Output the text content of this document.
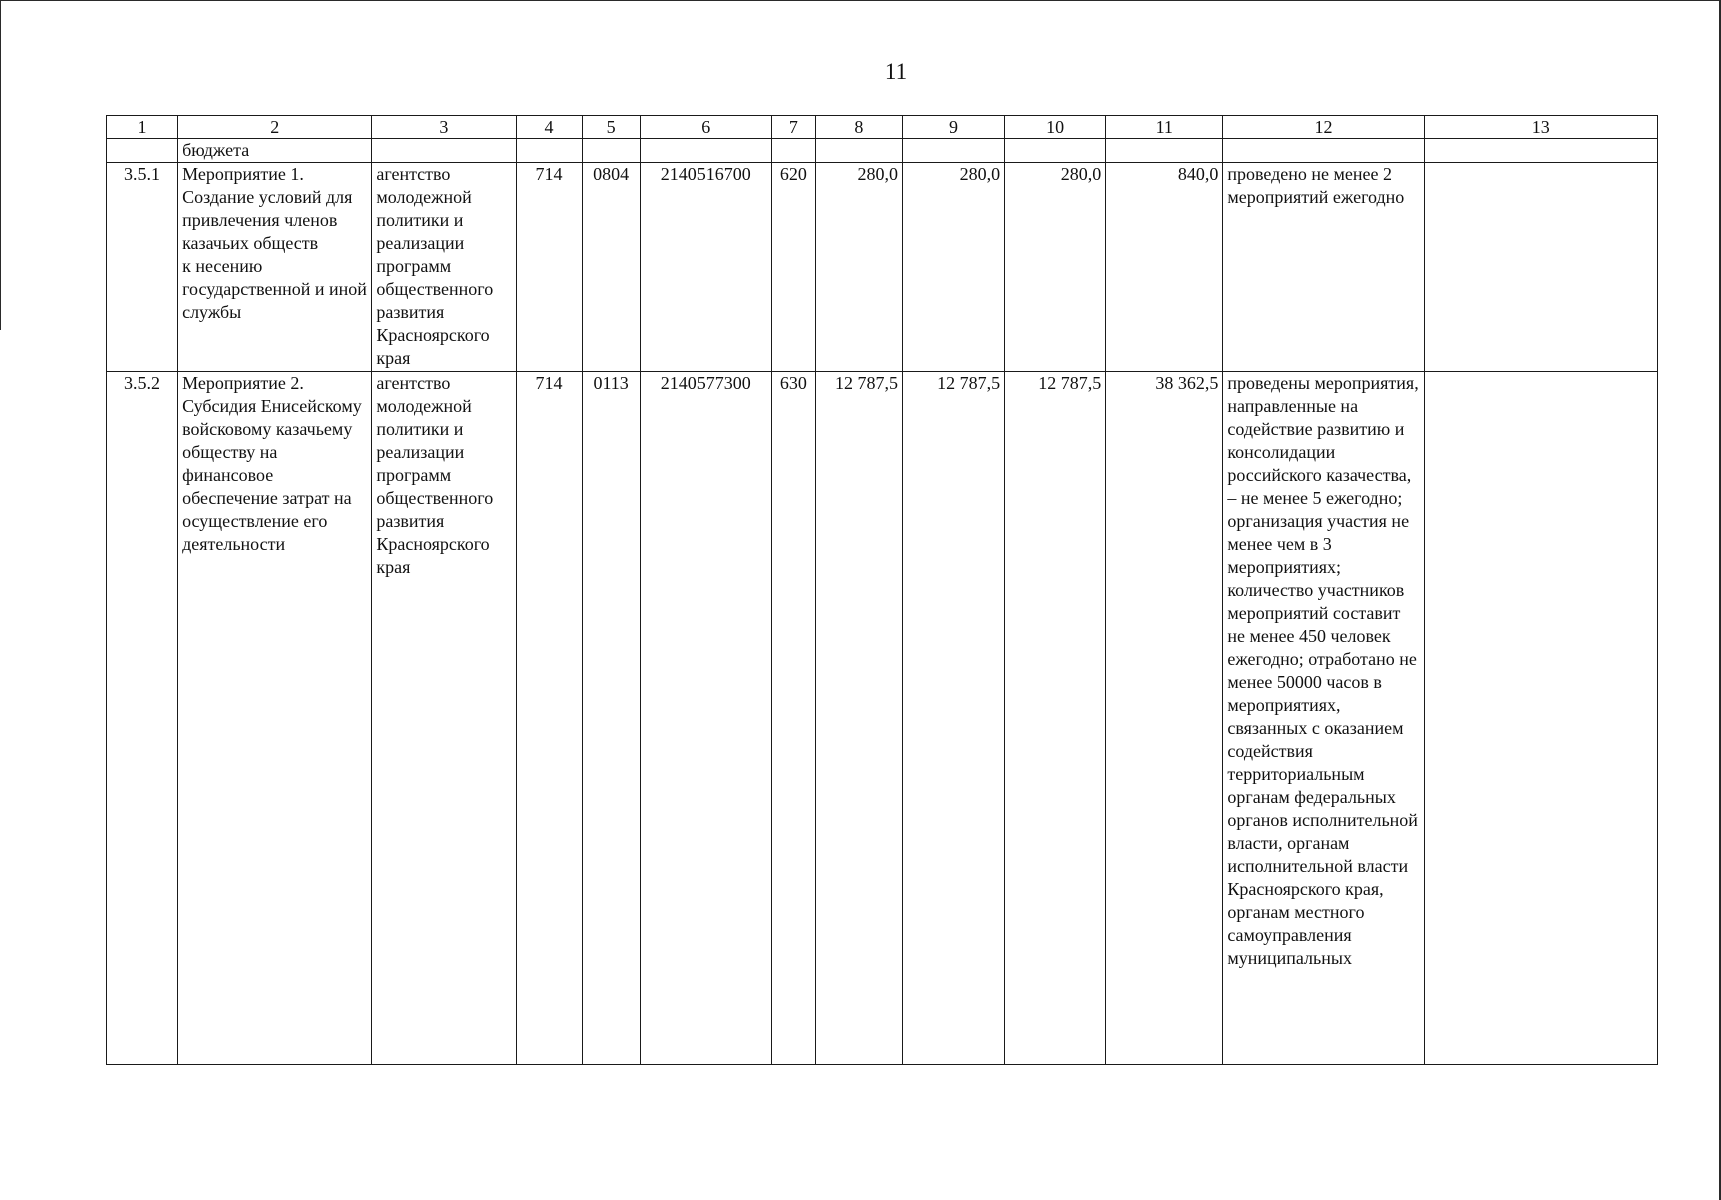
11
1	2	3	4	5	6	7	8	9	10	11	12	13
	бюджета											
3.5.1	Мероприятие 1.
Создание условий для привлечения членов казачьих обществ
к несению государственной и иной службы	агентство молодежной политики и реализации программ общественного развития Красноярского края	714	0804	2140516700	620	280,0	280,0	280,0	840,0	проведено не менее 2 мероприятий ежегодно	
3.5.2	Мероприятие 2.
Субсидия Енисейскому войсковому казачьему обществу на финансовое обеспечение затрат на осуществление его деятельности	агентство молодежной политики и реализации программ общественного развития Красноярского края	714	0113	2140577300	630	12 787,5	12 787,5	12 787,5	38 362,5	проведены мероприятия, направленные на содействие развитию и консолидации российского казачества, – не менее 5 ежегодно; организация участия не менее чем в 3 мероприятиях; количество участников мероприятий составит не менее 450 человек ежегодно; отработано не менее 50000 часов в мероприятиях, связанных с оказанием содействия территориальным органам федеральных органов исполнительной власти, органам исполнительной власти Красноярского края, органам местного самоуправления муниципальных	
